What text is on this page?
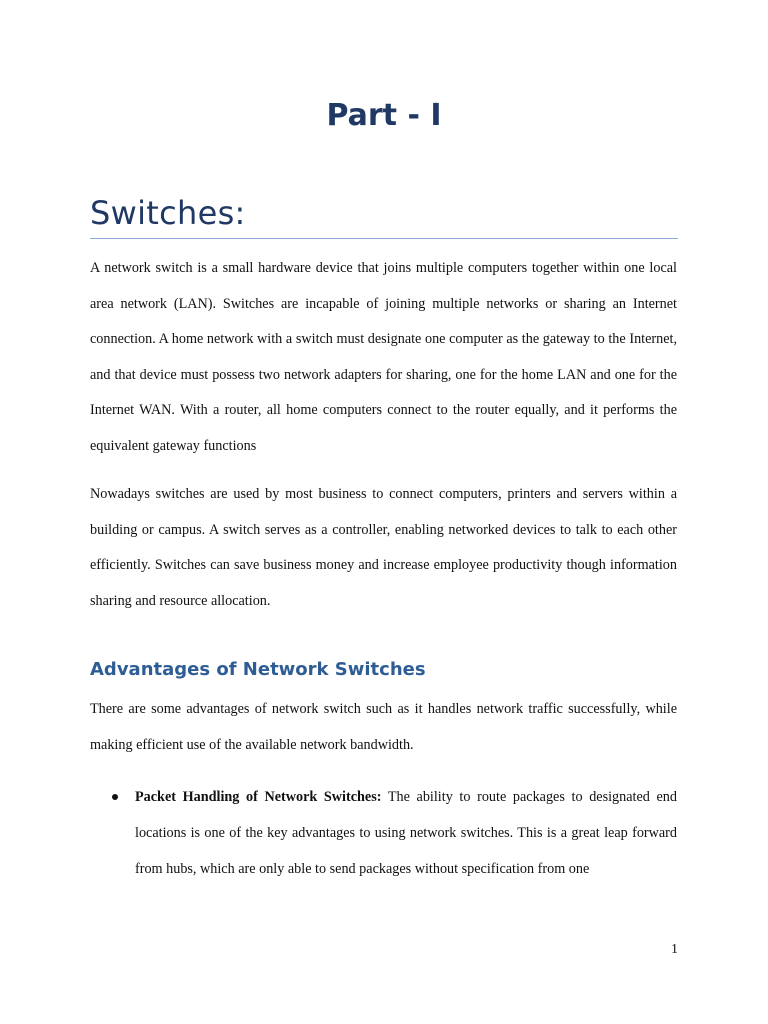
Part - I
Switches:

A network switch is a small hardware device that joins multiple computers together within one local area network (LAN). Switches are incapable of joining multiple networks or sharing an Internet connection. A home network with a switch must designate one computer as the gateway to the Internet, and that device must possess two network adapters for sharing, one for the home LAN and one for the Internet WAN. With a router, all home computers connect to the router equally, and it performs the equivalent gateway functions

Nowadays switches are used by most business to connect computers, printers and servers within a building or campus. A switch serves as a controller, enabling networked devices to talk to each other efficiently. Switches can save business money and increase employee productivity though information sharing and resource allocation.

Advantages of Network Switches

There are some advantages of network switch such as it handles network traffic successfully, while making efficient use of the available network bandwidth.

Packet Handling of Network Switches: The ability to route packages to designated end locations is one of the key advantages to using network switches. This is a great leap forward from hubs, which are only able to send packages without specification from one
1
